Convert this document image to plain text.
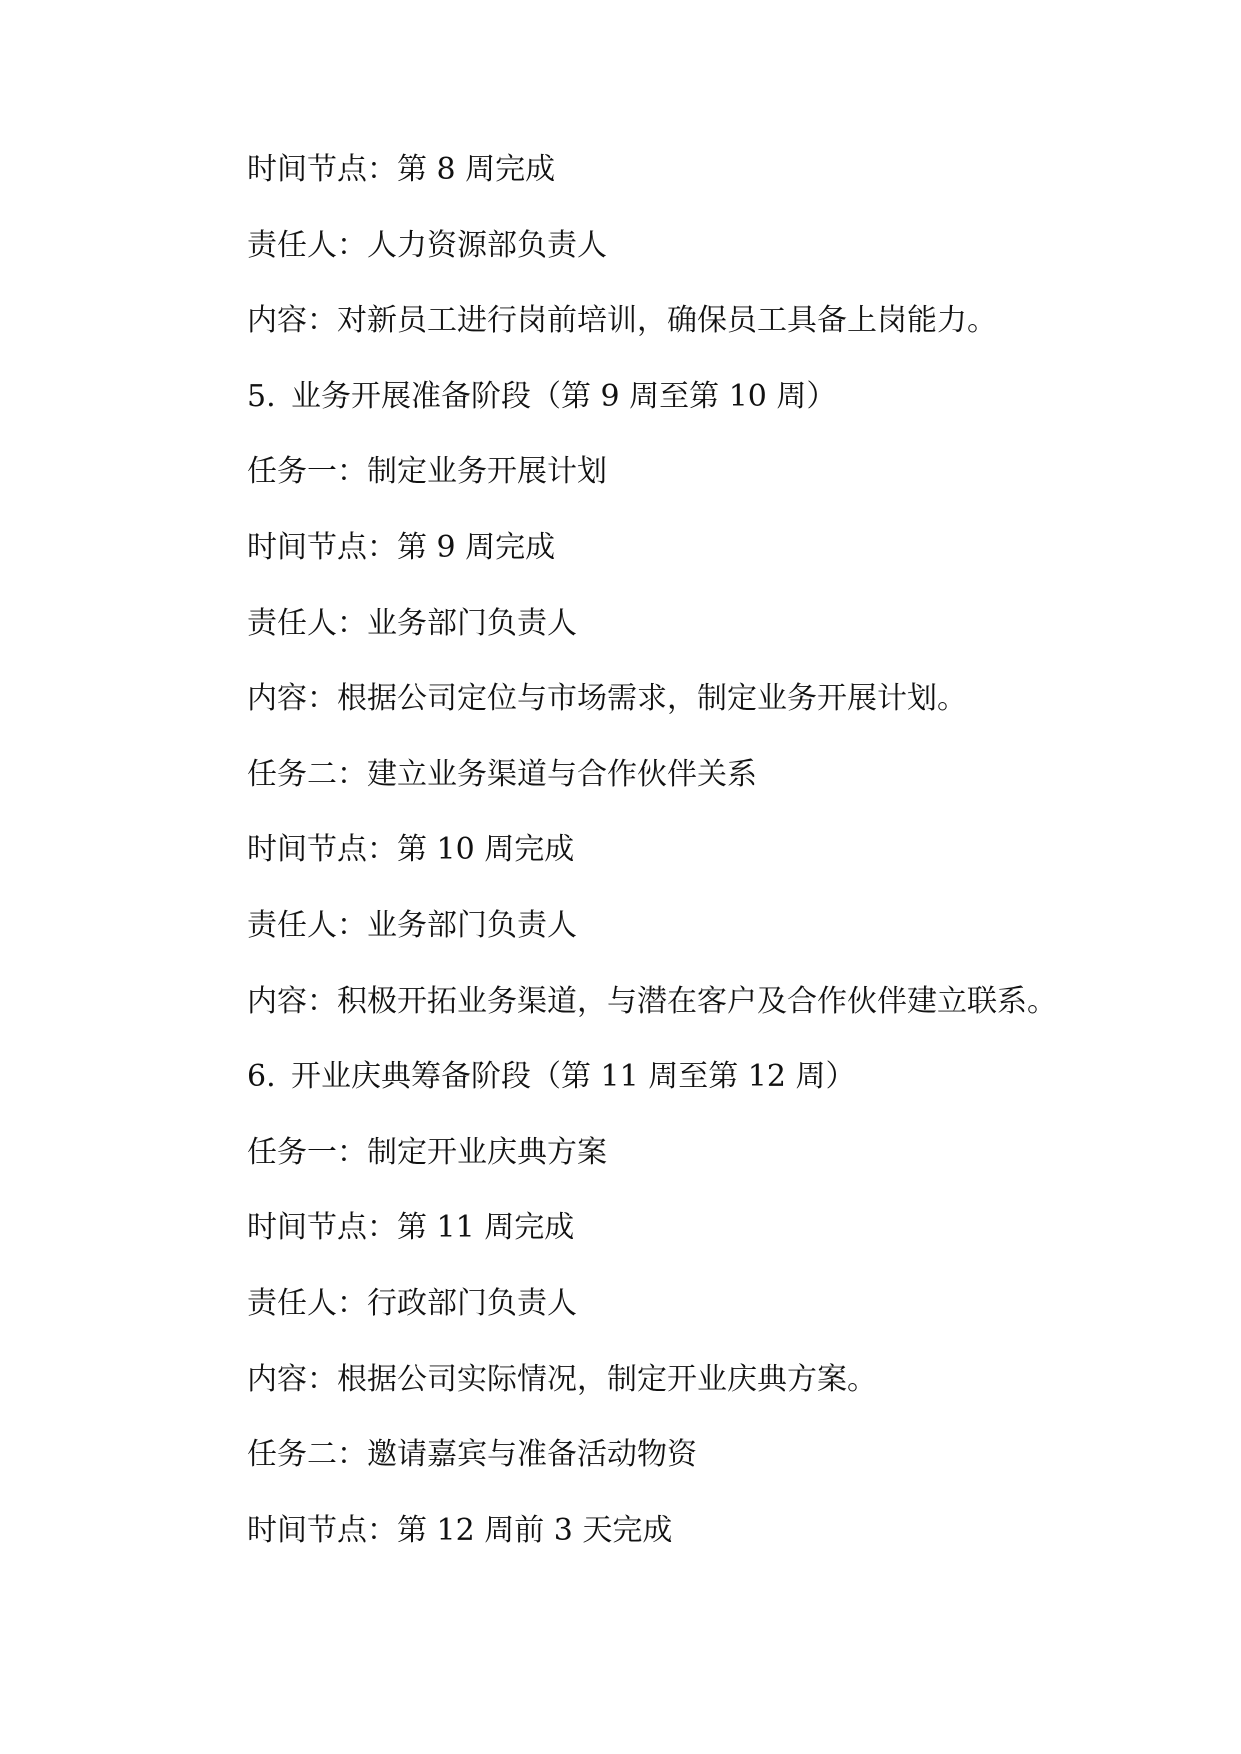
时间节点：第 8 周完成
责任人：人力资源部负责人
内容：对新员工进行岗前培训，确保员工具备上岗能力。
5. 业务开展准备阶段（第 9 周至第 10 周）
任务一：制定业务开展计划
时间节点：第 9 周完成
责任人：业务部门负责人
内容：根据公司定位与市场需求，制定业务开展计划。
任务二：建立业务渠道与合作伙伴关系
时间节点：第 10 周完成
责任人：业务部门负责人
内容：积极开拓业务渠道，与潜在客户及合作伙伴建立联系。
6. 开业庆典筹备阶段（第 11 周至第 12 周）
任务一：制定开业庆典方案
时间节点：第 11 周完成
责任人：行政部门负责人
内容：根据公司实际情况，制定开业庆典方案。
任务二：邀请嘉宾与准备活动物资
时间节点：第 12 周前 3 天完成
